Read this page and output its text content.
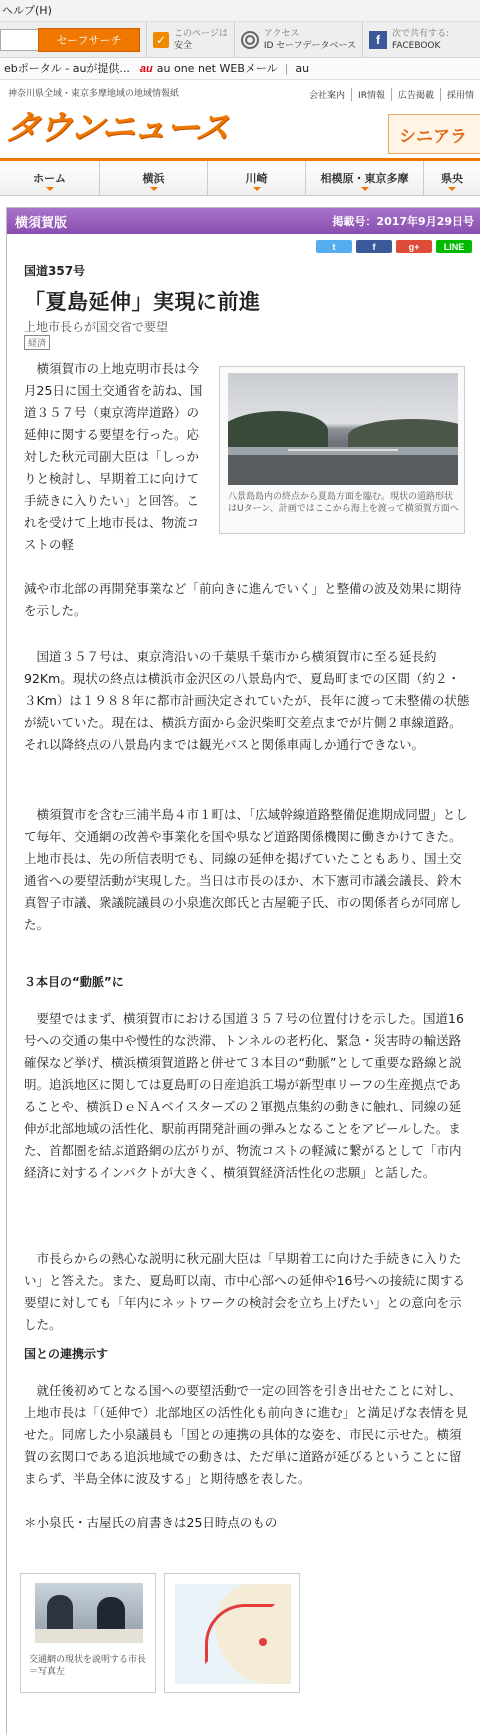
ヘルプ(H)
セーフサーチ	✓ このページは
安全
アクセス
ID セーフデータベース	f	次で共有する:
FACEBOOK
ebポータル - auが提供... au au one net WEBメール | au
神奈川県全域・東京多摩地域の地域情報紙
タウンニュース
会社案内	IR情報	広告掲載	採用情
シニアラ
ホーム	横浜	川崎	相模原・東京多摩	県央
横須賀版	掲載号：2017年9月29日号
t	f	g+	LINE
国道357号
「夏島延伸」実現に前進
上地市長らが国交省で要望
経済
八景島島内の終点から夏島方面を臨む。現状の道路形状はUターン、計画ではここから海上を渡って横須賀方面へ
横須賀市の上地克明市長は今月25日に国土交通省を訪ね、国道３５７号（東京湾岸道路）の延伸に関する要望を行った。応対した秋元司副大臣は「しっかりと検討し、早期着工に向けて手続きに入りたい」と回答。これを受けて上地市長は、物流コストの軽
減や市北部の再開発事業など「前向きに進んでいく」と整備の波及効果に期待を示した。
国道３５７号は、東京湾沿いの千葉県千葉市から横須賀市に至る延長約92Km。現状の終点は横浜市金沢区の八景島内で、夏島町までの区間（約２・３Km）は１９８８年に都市計画決定されていたが、長年に渡って未整備の状態が続いていた。現在は、横浜方面から金沢柴町交差点までが片側２車線道路。それ以降終点の八景島内までは観光バスと関係車両しか通行できない。
横須賀市を含む三浦半島４市１町は、「広域幹線道路整備促進期成同盟」として毎年、交通網の改善や事業化を国や県など道路関係機関に働きかけてきた。上地市長は、先の所信表明でも、同線の延伸を掲げていたこともあり、国土交通省への要望活動が実現した。当日は市長のほか、木下憲司市議会議長、鈴木真智子市議、衆議院議員の小泉進次郎氏と古屋範子氏、市の関係者らが同席した。
３本目の“動脈”に
要望ではまず、横須賀市における国道３５７号の位置付けを示した。国道16号への交通の集中や慢性的な渋滞、トンネルの老朽化、緊急・災害時の輸送路確保など挙げ、横浜横須賀道路と併せて３本目の“動脈”として重要な路線と説明。追浜地区に関しては夏島町の日産追浜工場が新型車リーフの生産拠点であることや、横浜ＤｅＮＡベイスターズの２軍拠点集約の動きに触れ、同線の延伸が北部地域の活性化、駅前再開発計画の弾みとなることをアピールした。また、首都圏を結ぶ道路網の広がりが、物流コストの軽減に繋がるとして「市内経済に対するインパクトが大きく、横須賀経済活性化の悲願」と話した。
市長らからの熱心な説明に秋元副大臣は「早期着工に向けた手続きに入りたい」と答えた。また、夏島町以南、市中心部への延伸や16号への接続に関する要望に対しても「年内にネットワークの検討会を立ち上げたい」との意向を示した。
国との連携示す
就任後初めてとなる国への要望活動で一定の回答を引き出せたことに対し、上地市長は「（延伸で）北部地区の活性化も前向きに進む」と満足げな表情を見せた。同席した小泉議員も「国との連携の具体的な姿を、市民に示せた。横須賀の玄関口である追浜地域での動きは、ただ単に道路が延びるということに留まらず、半島全体に波及する」と期待感を表した。
＊小泉氏・古屋氏の肩書きは25日時点のもの
交通網の現状を説明する市長＝写真左
